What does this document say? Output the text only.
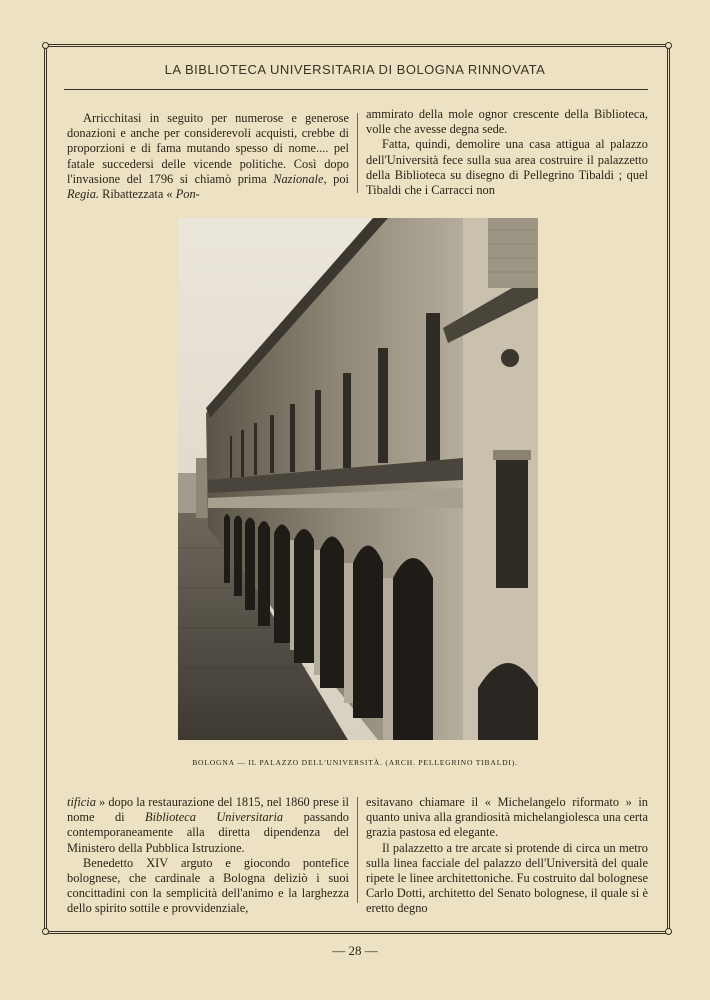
LA BIBLIOTECA UNIVERSITARIA DI BOLOGNA RINNOVATA

Arricchitasi in seguito per numerose e generose donazioni e anche per considerevoli acquisti, crebbe di proporzioni e di fama mutando spesso di nome.... pel fatale succedersi delle vicende politiche. Così dopo l'invasione del 1796 si chiamò prima Nazionale, poi Regia. Ribattezzata « Pon-

ammirato della mole ognor crescente della Biblioteca, volle che avesse degna sede.

Fatta, quindi, demolire una casa attigua al palazzo dell'Università fece sulla sua area costruire il palazzetto della Biblioteca su disegno di Pellegrino Tibaldi ; quel Tibaldi che i Carracci non

BOLOGNA — IL PALAZZO DELL'UNIVERSITÀ. (ARCH. PELLEGRINO TIBALDI).

tificia » dopo la restaurazione del 1815, nel 1860 prese il nome di Biblioteca Universitaria passando contemporaneamente alla diretta dipendenza del Ministero della Pubblica Istruzione.

Benedetto XIV arguto e giocondo pontefice bolognese, che cardinale a Bologna deliziò i suoi concittadini con la semplicità dell'animo e la larghezza dello spirito sottile e provvidenziale,

esitavano chiamare il « Michelangelo riformato » in quanto univa alla grandiosità michelangiolesca una certa grazia pastosa ed elegante.

Il palazzetto a tre arcate si protende di circa un metro sulla linea facciale del palazzo dell'Università del quale ripete le linee architettoniche. Fu costruito dal bolognese Carlo Dotti, architetto del Senato bolognese, il quale si è eretto degno

— 28 —
